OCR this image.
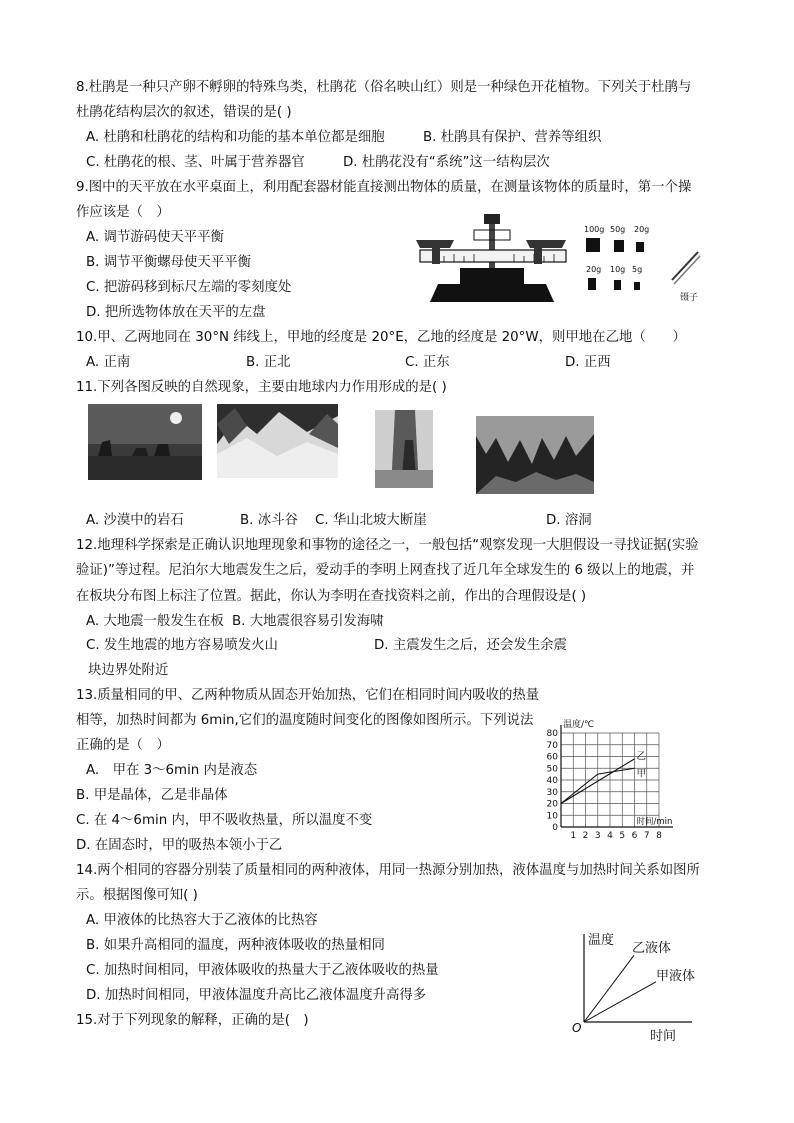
8.杜鹃是一种只产卵不孵卵的特殊鸟类，杜鹃花（俗名映山红）则是一种绿色开花植物。下列关于杜鹃与
杜鹃花结构层次的叙述，错误的是( )
A. 杜鹃和杜鹃花的结构和功能的基本单位都是细胞	B. 杜鹃具有保护、营养等组织
C. 杜鹃花的根、茎、叶属于营养器官	D. 杜鹃花没有“系统”这一结构层次
9.图中的天平放在水平桌面上，利用配套器材能直接测出物体的质量，在测量该物体的质量时，第一个操
作应该是（　）
A. 调节游码使天平平衡
B. 调节平衡螺母使天平平衡
C. 把游码移到标尺左端的零刻度处
D. 把所选物体放在天平的左盘
100g 50g 20g
20g 10g 5g
镊子
10.甲、乙两地同在 30°N 纬线上，甲地的经度是 20°E，乙地的经度是 20°W，则甲地在乙地（　　）
A. 正南	B. 正北	C. 正东	D. 正西
11.下列各图反映的自然现象，主要由地球内力作用形成的是( )
A. 沙漠中的岩石	B. 冰斗谷 C. 华山北坡大断崖	D. 溶洞
12.地理科学探索是正确认识地理现象和事物的途径之一，一般包括“观察发现一大胆假设一寻找证据(实验
验证)”等过程。尼泊尔大地震发生之后，爱动手的李明上网查找了近几年全球发生的 6 级以上的地震，并
在板块分布图上标注了位置。据此，你认为李明在查找资料之前，作出的合理假设是( )
A. 大地震一般发生在板 B. 大地震很容易引发海啸
C. 发生地震的地方容易喷发火山	D. 主震发生之后，还会发生余震
块边界处附近
13.质量相同的甲、乙两种物质从固态开始加热，它们在相同时间内吸收的热量
相等，加热时间都为 6min,它们的温度随时间变化的图像如图所示。下列说法
正确的是（　）
A.　甲在 3～6min 内是液态
B. 甲是晶体，乙是非晶体
C. 在 4～6min 内，甲不吸收热量，所以温度不变
D. 在固态时，甲的吸热本领小于乙
0
10
20
30
40
50
60
70
80
1 2 3 4 5 6 7 8
温度/℃
时间/min
乙
甲
14.两个相同的容器分别装了质量相同的两种液体，用同一热源分别加热，液体温度与加热时间关系如图所
示。根据图像可知( )
A. 甲液体的比热容大于乙液体的比热容
B. 如果升高相同的温度，两种液体吸收的热量相同
C. 加热时间相同，甲液体吸收的热量大于乙液体吸收的热量
D. 加热时间相同，甲液体温度升高比乙液体温度升高得多
温度
时间
O
乙液体
甲液体
15.对于下列现象的解释，正确的是(　)
